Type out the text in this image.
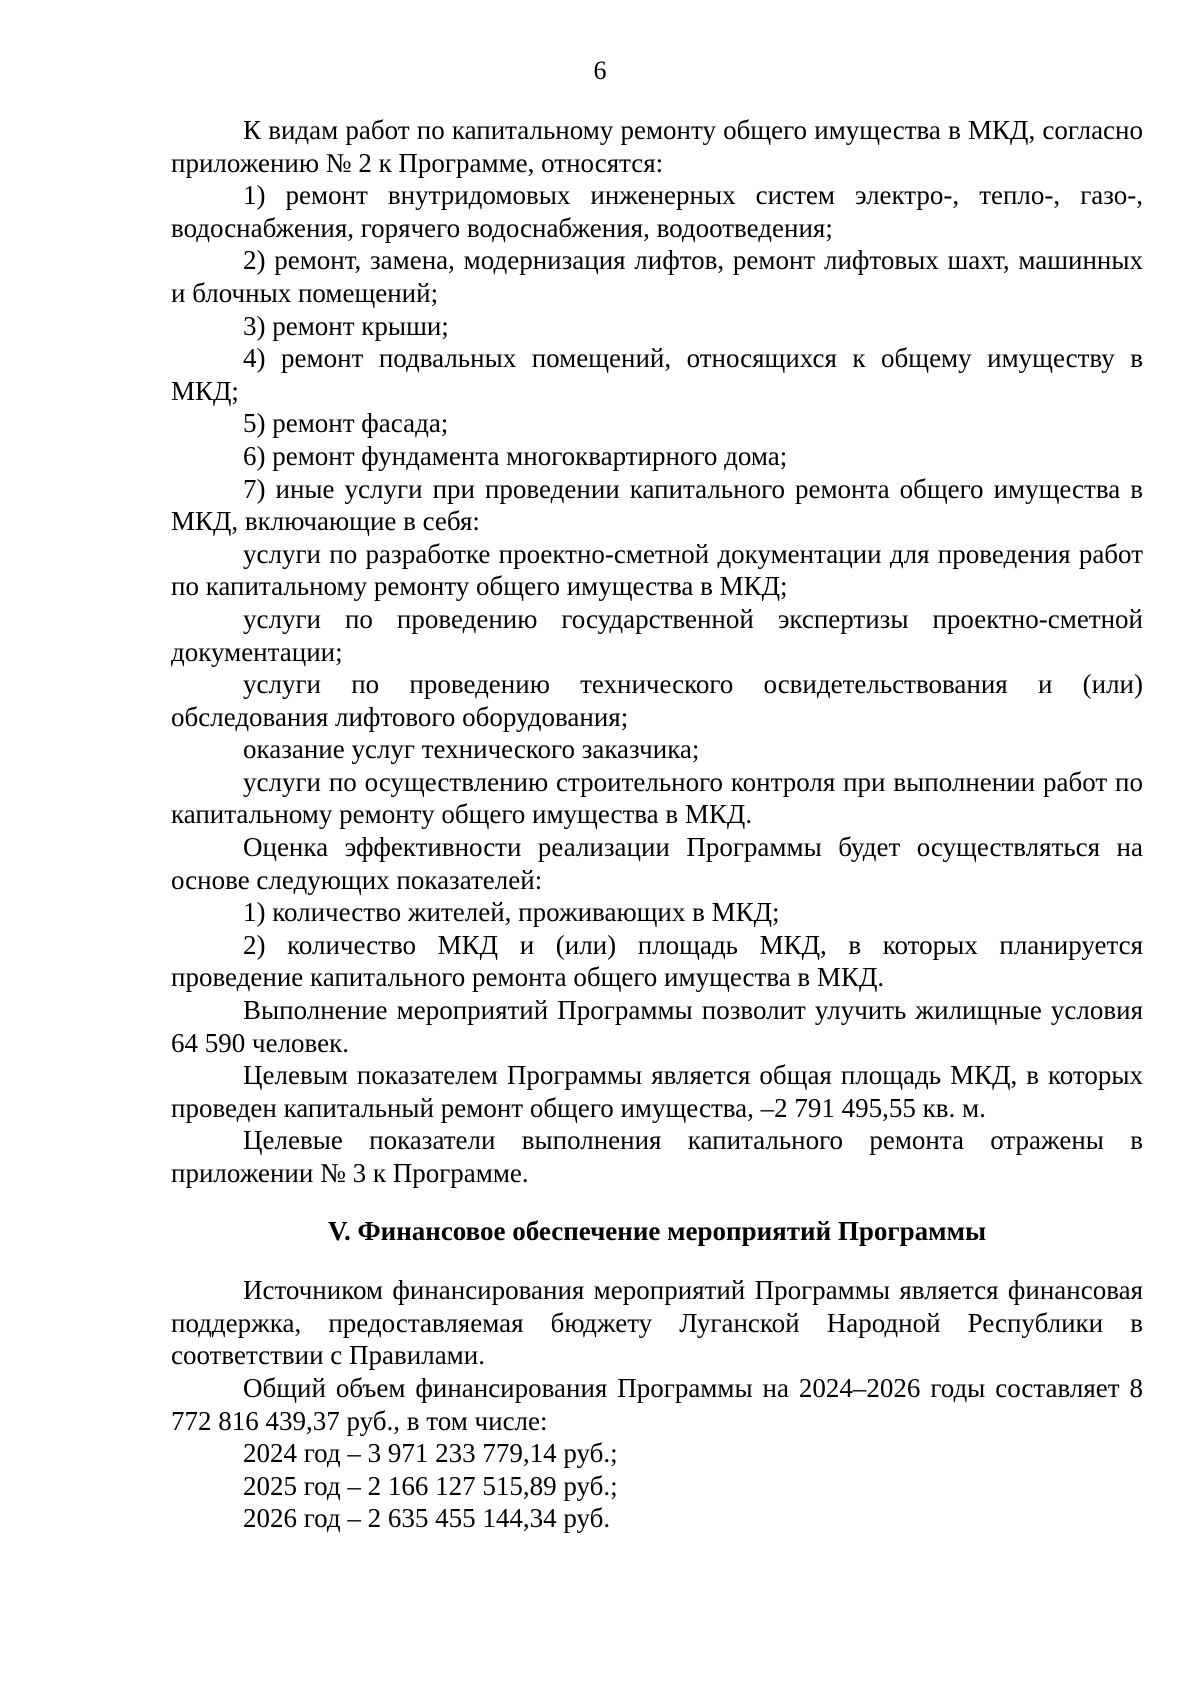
6

К видам работ по капитальному ремонту общего имущества в МКД, согласно приложению № 2 к Программе, относятся:

1) ремонт внутридомовых инженерных систем электро-, тепло-, газо-, водоснабжения, горячего водоснабжения, водоотведения;

2) ремонт, замена, модернизация лифтов, ремонт лифтовых шахт, машинных и блочных помещений;

3) ремонт крыши;

4) ремонт подвальных помещений, относящихся к общему имуществу в МКД;

5) ремонт фасада;

6) ремонт фундамента многоквартирного дома;

7) иные услуги при проведении капитального ремонта общего имущества в МКД, включающие в себя:

услуги по разработке проектно-сметной документации для проведения работ по капитальному ремонту общего имущества в МКД;

услуги по проведению государственной экспертизы проектно-сметной документации;

услуги по проведению технического освидетельствования и (или) обследования лифтового оборудования;

оказание услуг технического заказчика;

услуги по осуществлению строительного контроля при выполнении работ по капитальному ремонту общего имущества в МКД.

Оценка эффективности реализации Программы будет осуществляться на основе следующих показателей:

1) количество жителей, проживающих в МКД;

2) количество МКД и (или) площадь МКД, в которых планируется проведение капитального ремонта общего имущества в МКД.

Выполнение мероприятий Программы позволит улучить жилищные условия 64 590 человек.

Целевым показателем Программы является общая площадь МКД, в которых проведен капитальный ремонт общего имущества, –2 791 495,55 кв. м.

Целевые показатели выполнения капитального ремонта отражены в приложении № 3 к Программе.

V. Финансовое обеспечение мероприятий Программы

Источником финансирования мероприятий Программы является финансовая поддержка, предоставляемая бюджету Луганской Народной Республики в соответствии с Правилами.

Общий объем финансирования Программы на 2024–2026 годы составляет 8 772 816 439,37 руб., в том числе:

2024 год – 3 971 233 779,14 руб.;

2025 год – 2 166 127 515,89 руб.;

2026 год – 2 635 455 144,34 руб.
